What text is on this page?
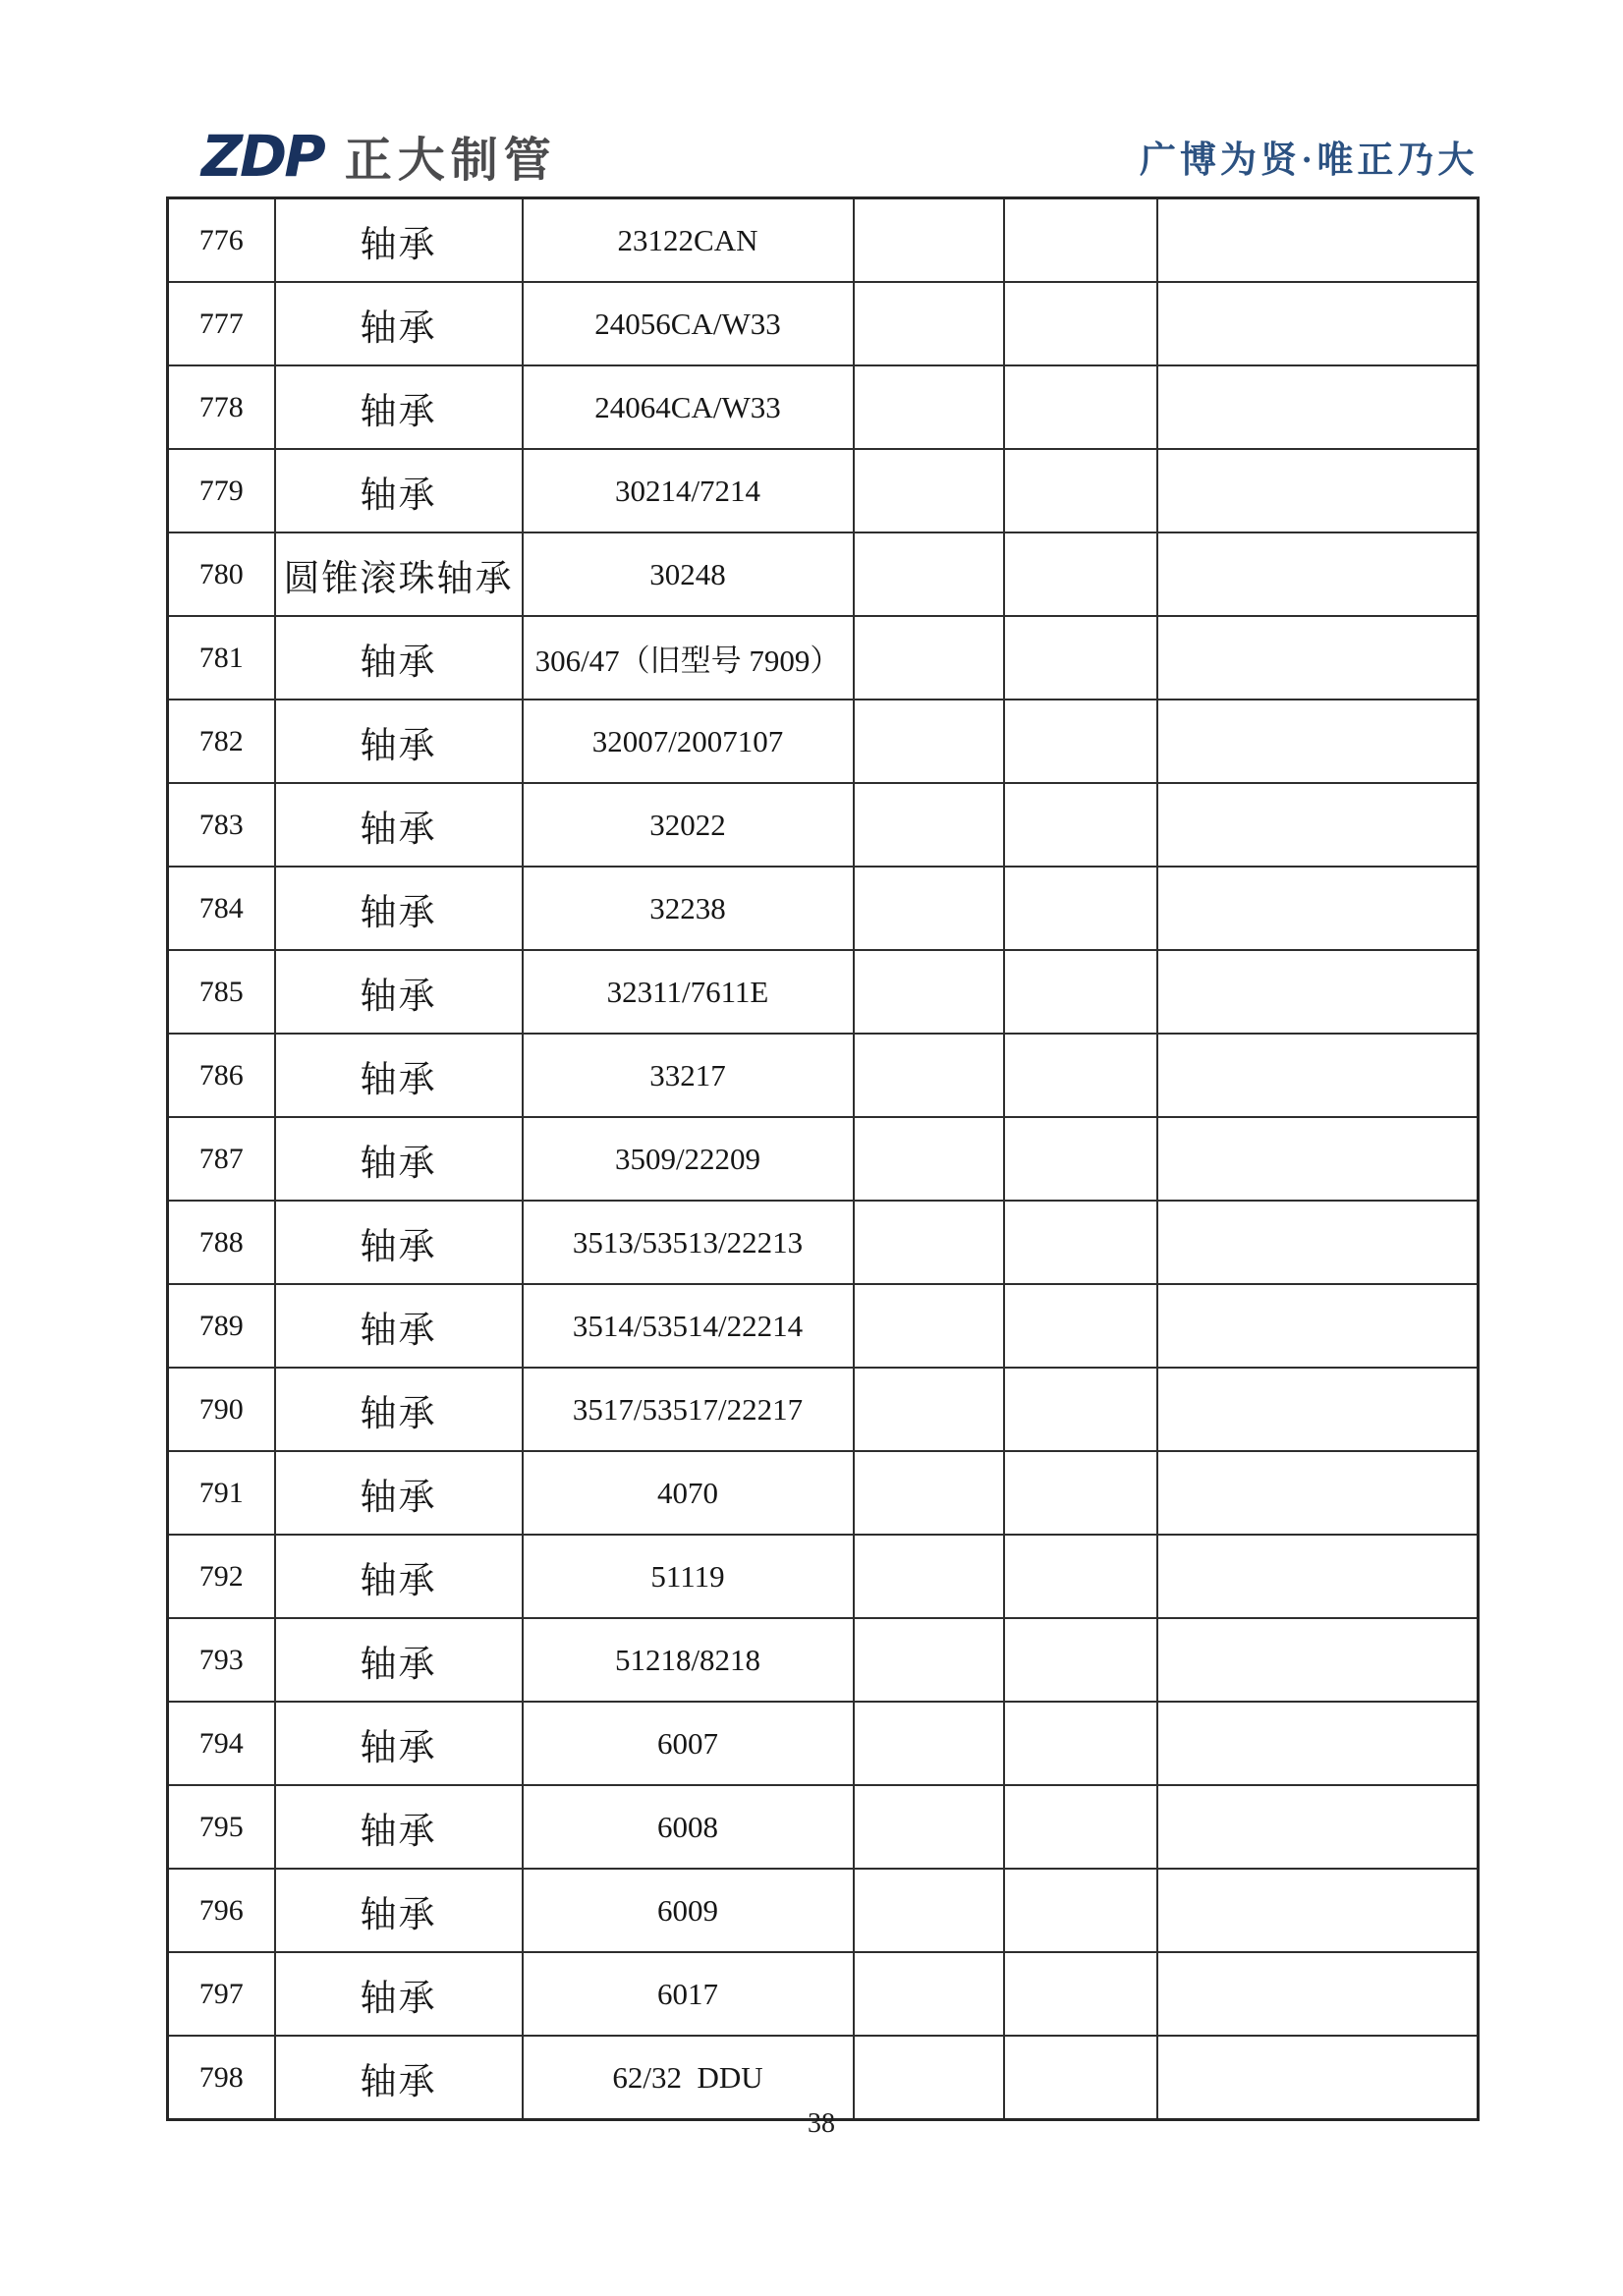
ZDP 正大制管	广博为贤·唯正乃大
776	轴承	23122CAN			
777	轴承	24056CA/W33			
778	轴承	24064CA/W33			
779	轴承	30214/7214			
780	圆锥滚珠轴承	30248			
781	轴承	306/47（旧型号 7909）			
782	轴承	32007/2007107			
783	轴承	32022			
784	轴承	32238			
785	轴承	32311/7611E			
786	轴承	33217			
787	轴承	3509/22209			
788	轴承	3513/53513/22213			
789	轴承	3514/53514/22214			
790	轴承	3517/53517/22217			
791	轴承	4070			
792	轴承	51119			
793	轴承	51218/8218			
794	轴承	6007			
795	轴承	6008			
796	轴承	6009			
797	轴承	6017			
798	轴承	62/32  DDU			
38
